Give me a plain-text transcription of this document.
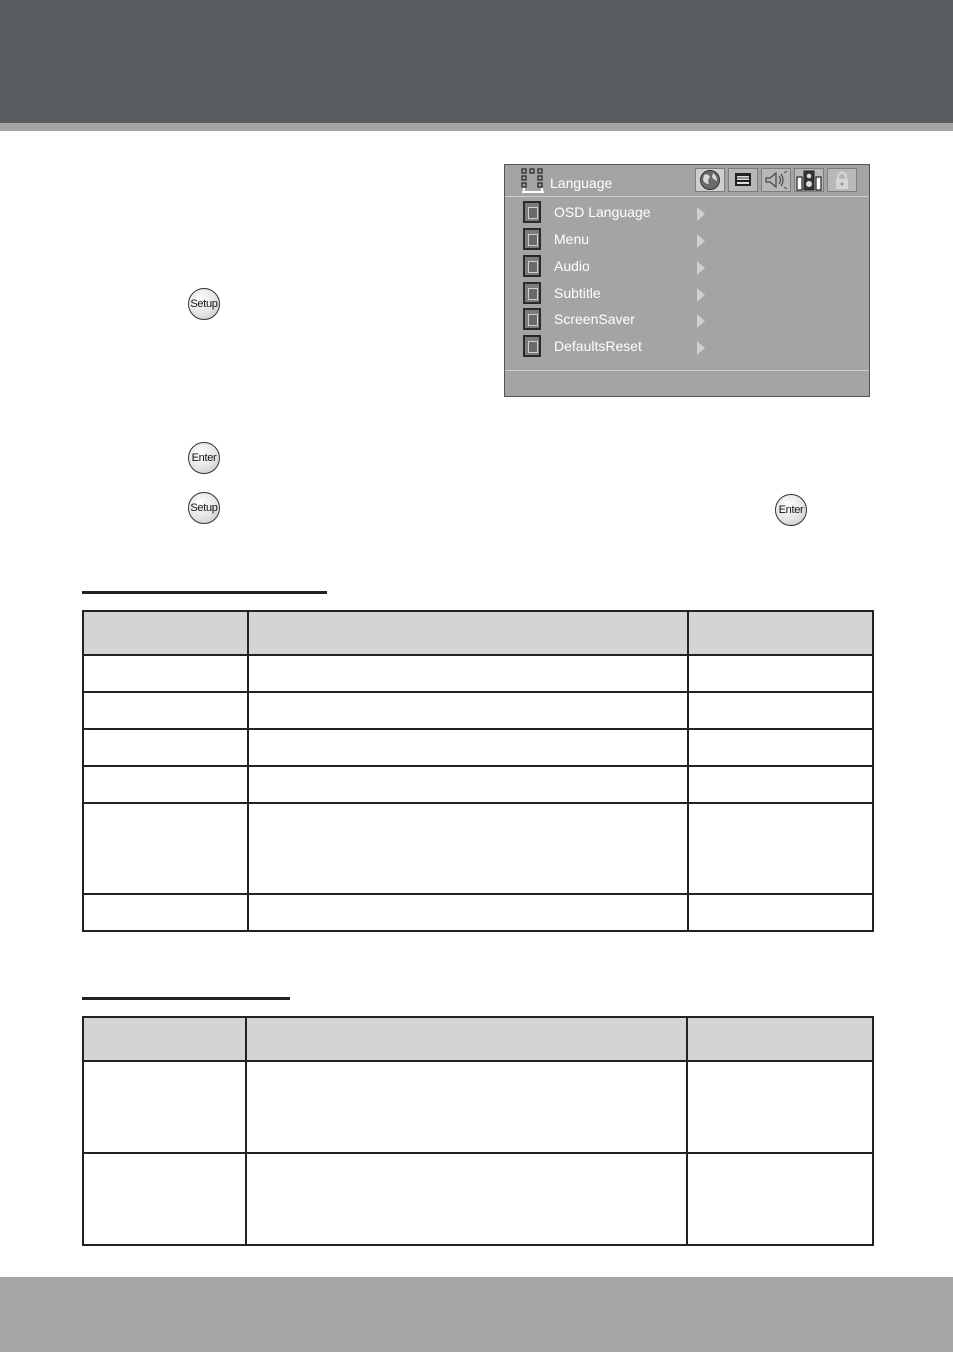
Setup
Enter
Setup	Enter
Language
OSD Language
Menu
Audio
Subtitle
ScreenSaver
DefaultsReset
